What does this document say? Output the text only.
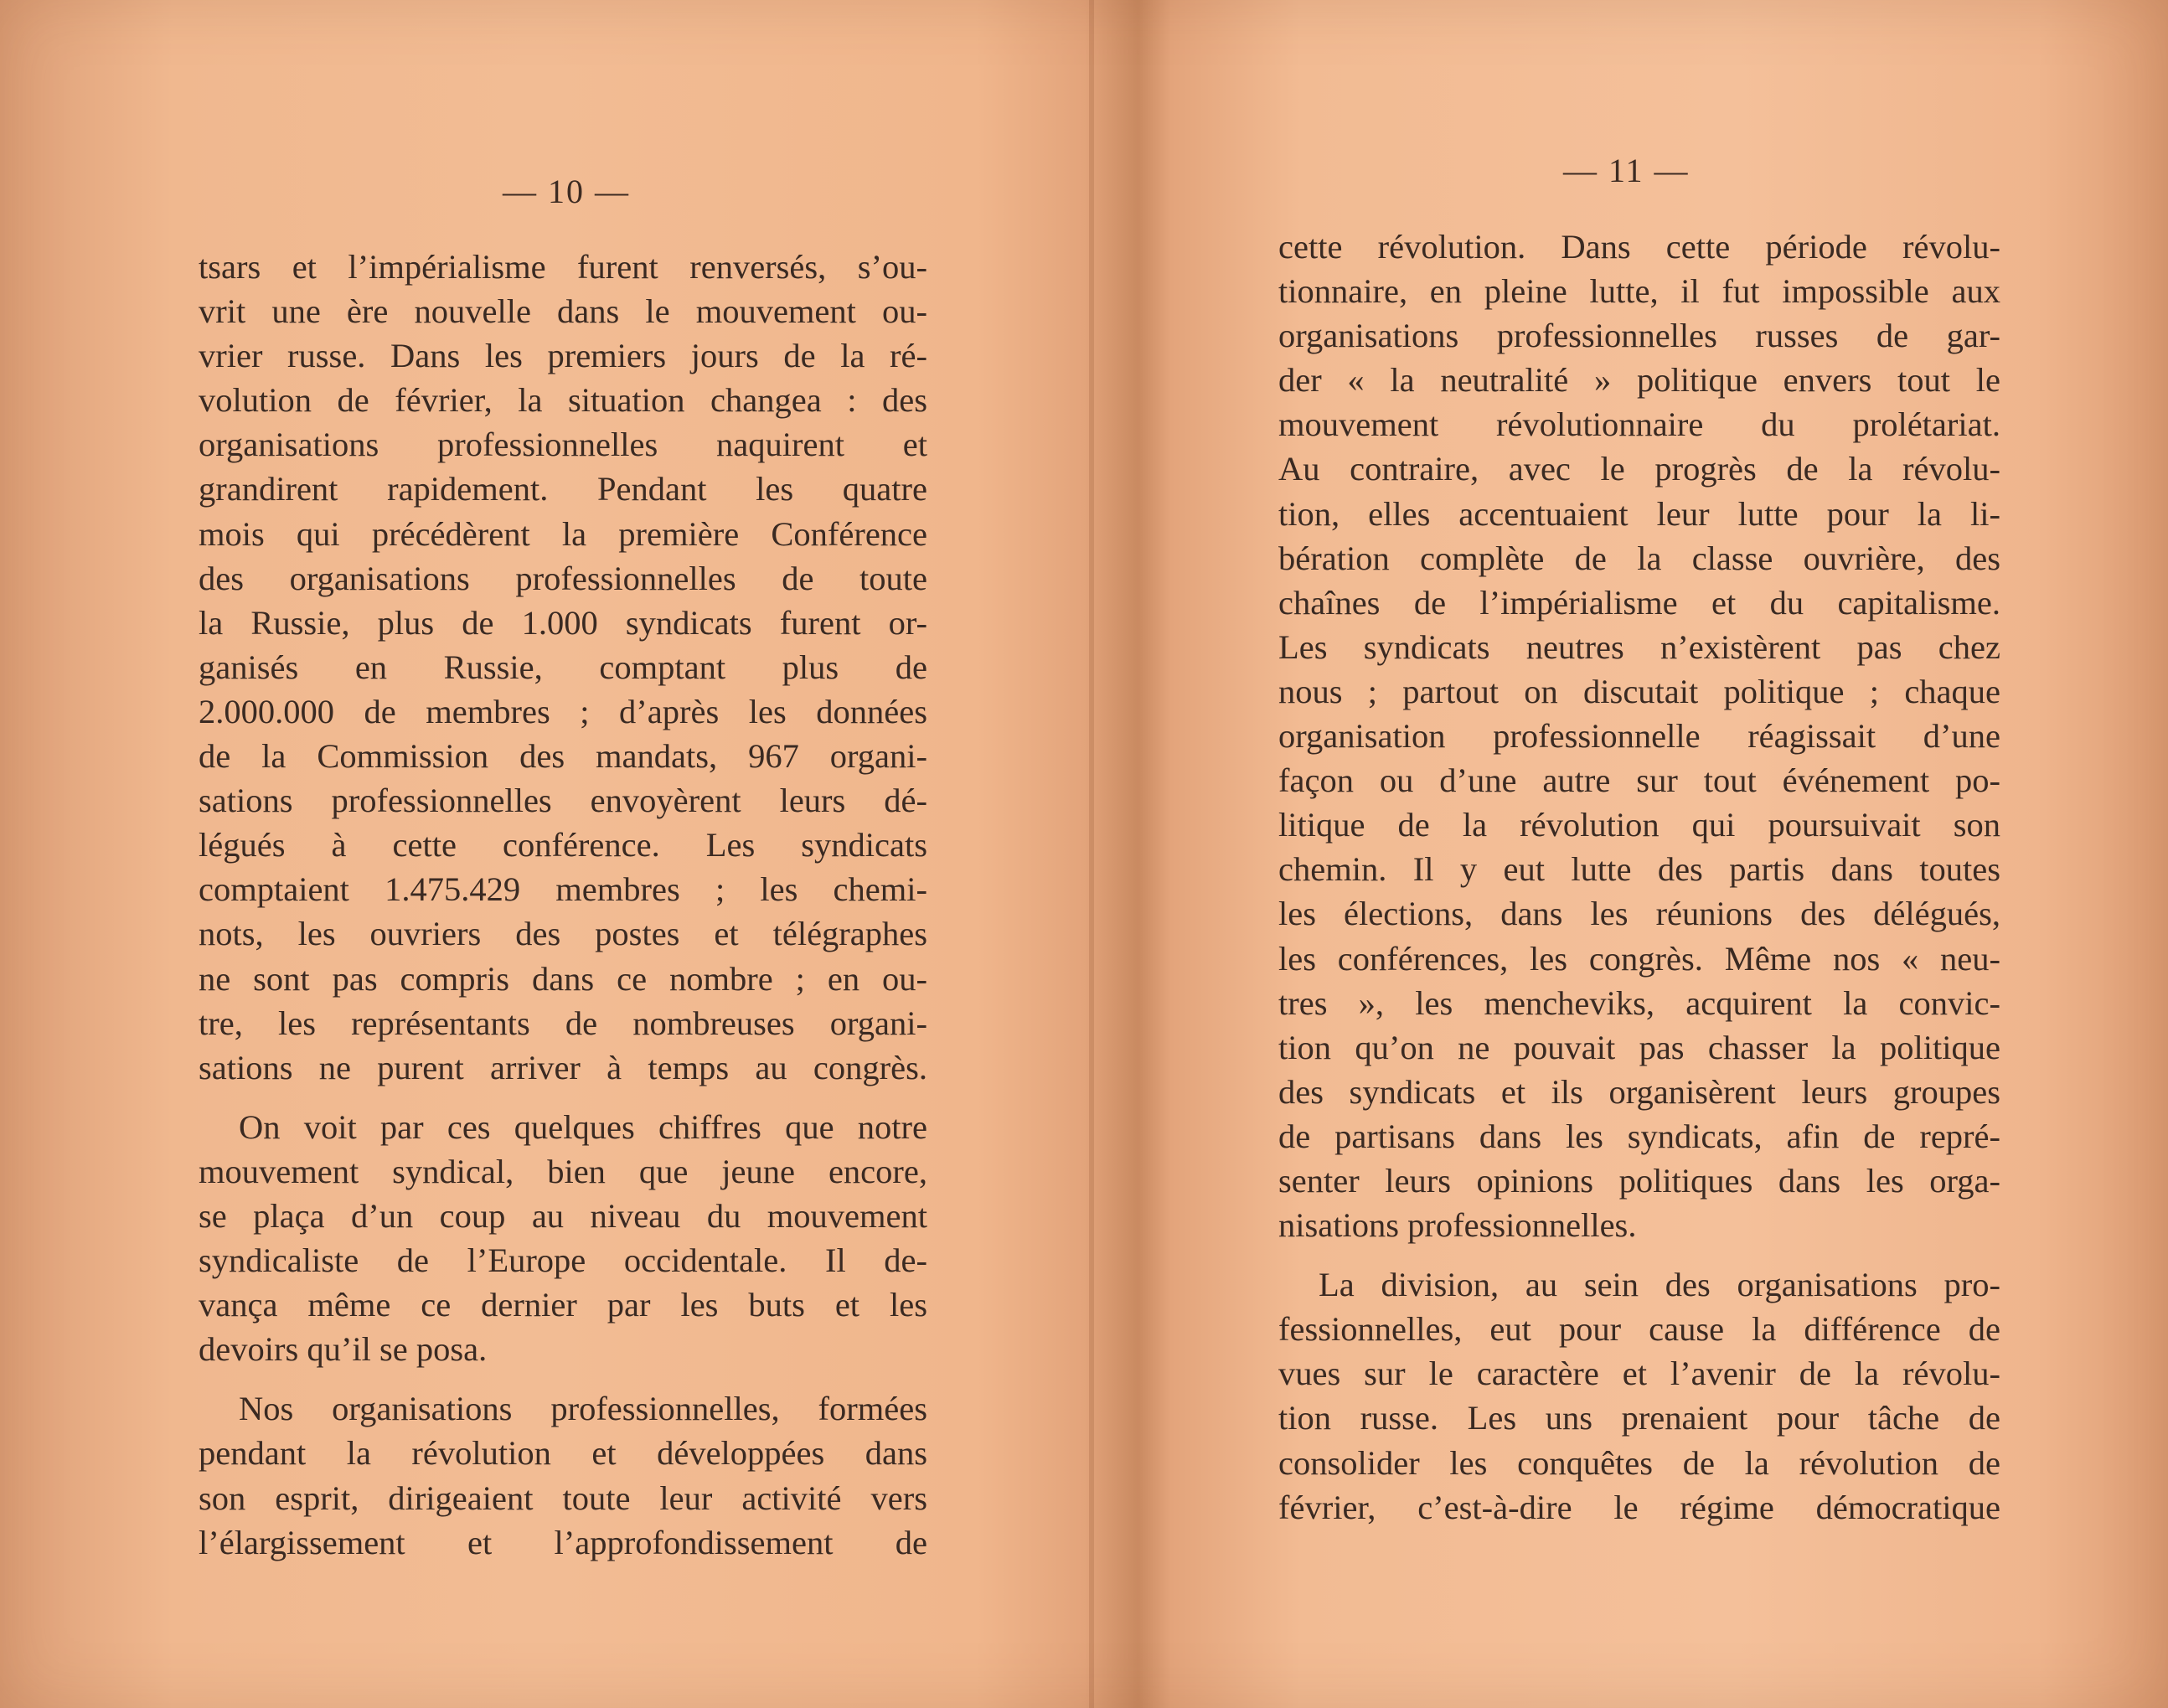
— 10 —
tsars et l’impérialisme furent renversés, s’ou-
vrit une ère nouvelle dans le mouvement ou-
vrier russe. Dans les premiers jours de la ré-
volution de février, la situation changea : des
organisations professionnelles naquirent et
grandirent rapidement. Pendant les quatre
mois qui précédèrent la première Conférence
des organisations professionnelles de toute
la Russie, plus de 1.000 syndicats furent or-
ganisés en Russie, comptant plus de
2.000.000 de membres ; d’après les données
de la Commission des mandats, 967 organi-
sations professionnelles envoyèrent leurs dé-
légués à cette conférence. Les syndicats
comptaient 1.475.429 membres ; les chemi-
nots, les ouvriers des postes et télégraphes
ne sont pas compris dans ce nombre ; en ou-
tre, les représentants de nombreuses organi-
sations ne purent arriver à temps au congrès.
On voit par ces quelques chiffres que notre
mouvement syndical, bien que jeune encore,
se plaça d’un coup au niveau du mouvement
syndicaliste de l’Europe occidentale. Il de-
vança même ce dernier par les buts et les
devoirs qu’il se posa.
Nos organisations professionnelles, formées
pendant la révolution et développées dans
son esprit, dirigeaient toute leur activité vers
l’élargissement et l’approfondissement de
— 11 —
cette révolution. Dans cette période révolu-
tionnaire, en pleine lutte, il fut impossible aux
organisations professionnelles russes de gar-
der « la neutralité » politique envers tout le
mouvement révolutionnaire du prolétariat.
Au contraire, avec le progrès de la révolu-
tion, elles accentuaient leur lutte pour la li-
bération complète de la classe ouvrière, des
chaînes de l’impérialisme et du capitalisme.
Les syndicats neutres n’existèrent pas chez
nous ; partout on discutait politique ; chaque
organisation professionnelle réagissait d’une
façon ou d’une autre sur tout événement po-
litique de la révolution qui poursuivait son
chemin. Il y eut lutte des partis dans toutes
les élections, dans les réunions des délégués,
les conférences, les congrès. Même nos « neu-
tres », les mencheviks, acquirent la convic-
tion qu’on ne pouvait pas chasser la politique
des syndicats et ils organisèrent leurs groupes
de partisans dans les syndicats, afin de repré-
senter leurs opinions politiques dans les orga-
nisations professionnelles.
La division, au sein des organisations pro-
fessionnelles, eut pour cause la différence de
vues sur le caractère et l’avenir de la révolu-
tion russe. Les uns prenaient pour tâche de
consolider les conquêtes de la révolution de
février, c’est-à-dire le régime démocratique
